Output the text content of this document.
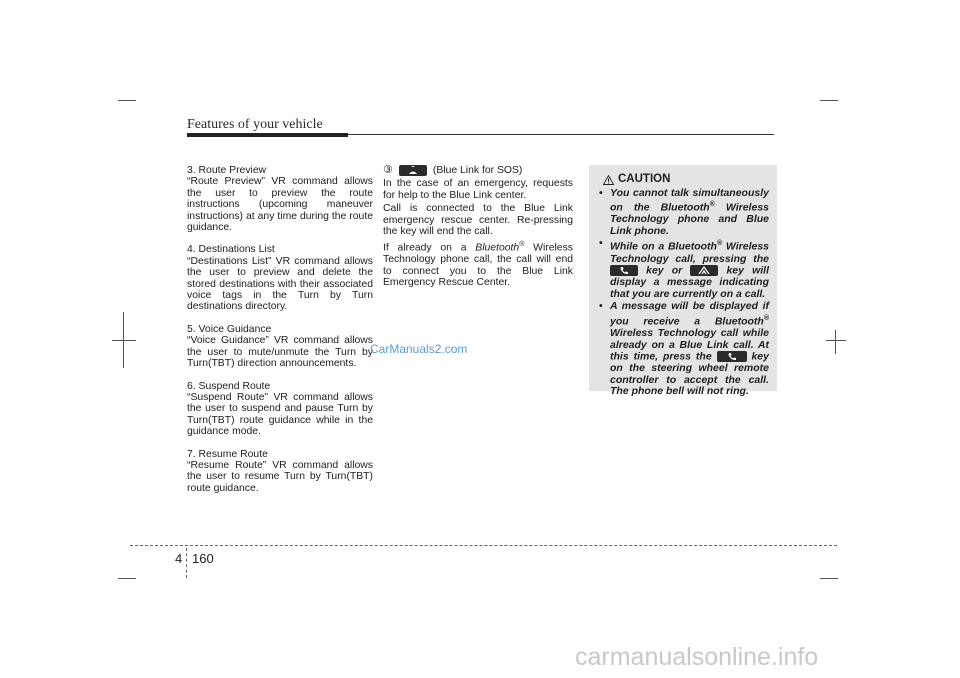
Features of your vehicle

3. Route Preview

“Route Preview” VR command allows the user to preview the route instructions (upcoming maneuver instructions) at any time during the route guidance.

4. Destinations List

“Destinations List” VR command allows the user to preview and delete the stored destinations with their associated voice tags in the Turn by Turn destinations directory.

5. Voice Guidance

“Voice Guidance” VR command allows the user to mute/unmute the Turn by Turn(TBT) direction announcements.

6. Suspend Route

“Suspend Route” VR command allows the user to suspend and pause Turn by Turn(TBT) route guidance while in the guidance mode.

7. Resume Route

“Resume Route” VR command allows the user to resume Turn by Turn(TBT) route guidance.

③	(Blue Link for SOS)

In the case of an emergency, requests for help to the Blue Link center.

Call is connected to the Blue Link emergency rescue center. Re-pressing the key will end the call.

If already on a Bluetooth® Wireless Technology phone call, the call will end to connect you to the Blue Link Emergency Rescue Center.

CAUTION
• You cannot talk simultaneously on the Bluetooth® Wireless Technology phone and Blue Link phone.
• While on a Bluetooth® Wireless Technology call, pressing the
key or	key will display a message indicating that you are currently on a call.
• A message will be displayed if you receive a Bluetooth® Wireless Technology call while already on a Blue Link call. At this time, press the	key on the steering wheel remote controller to accept the call. The phone bell will not ring.
CarManuals2.com
4 160
carmanualsonline.info
